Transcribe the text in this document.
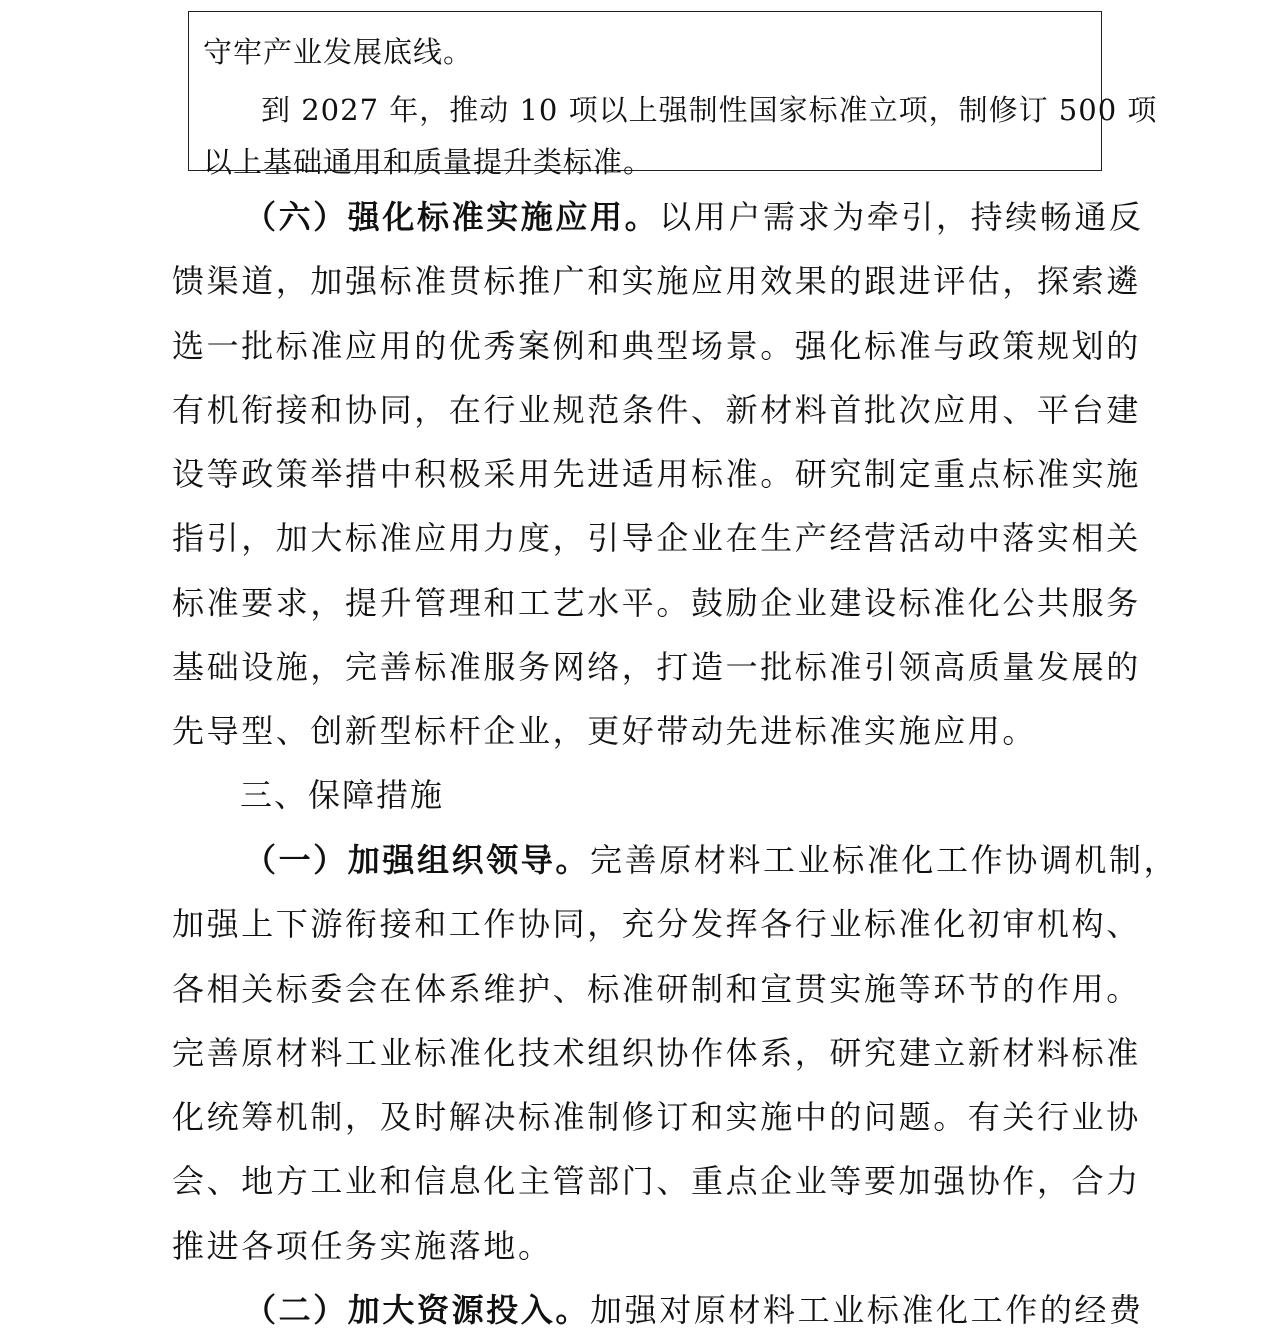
守牢产业发展底线。
到 2027 年，推动 10 项以上强制性国家标准立项，制修订 500 项
以上基础通用和质量提升类标准。
（六）强化标准实施应用。以用户需求为牵引，持续畅通反
馈渠道，加强标准贯标推广和实施应用效果的跟进评估，探索遴
选一批标准应用的优秀案例和典型场景。强化标准与政策规划的
有机衔接和协同，在行业规范条件、新材料首批次应用、平台建
设等政策举措中积极采用先进适用标准。研究制定重点标准实施
指引，加大标准应用力度，引导企业在生产经营活动中落实相关
标准要求，提升管理和工艺水平。鼓励企业建设标准化公共服务
基础设施，完善标准服务网络，打造一批标准引领高质量发展的
先导型、创新型标杆企业，更好带动先进标准实施应用。
三、保障措施
（一）加强组织领导。完善原材料工业标准化工作协调机制，
加强上下游衔接和工作协同，充分发挥各行业标准化初审机构、
各相关标委会在体系维护、标准研制和宣贯实施等环节的作用。
完善原材料工业标准化技术组织协作体系，研究建立新材料标准
化统筹机制，及时解决标准制修订和实施中的问题。有关行业协
会、地方工业和信息化主管部门、重点企业等要加强协作，合力
推进各项任务实施落地。
（二）加大资源投入。加强对原材料工业标准化工作的经费
